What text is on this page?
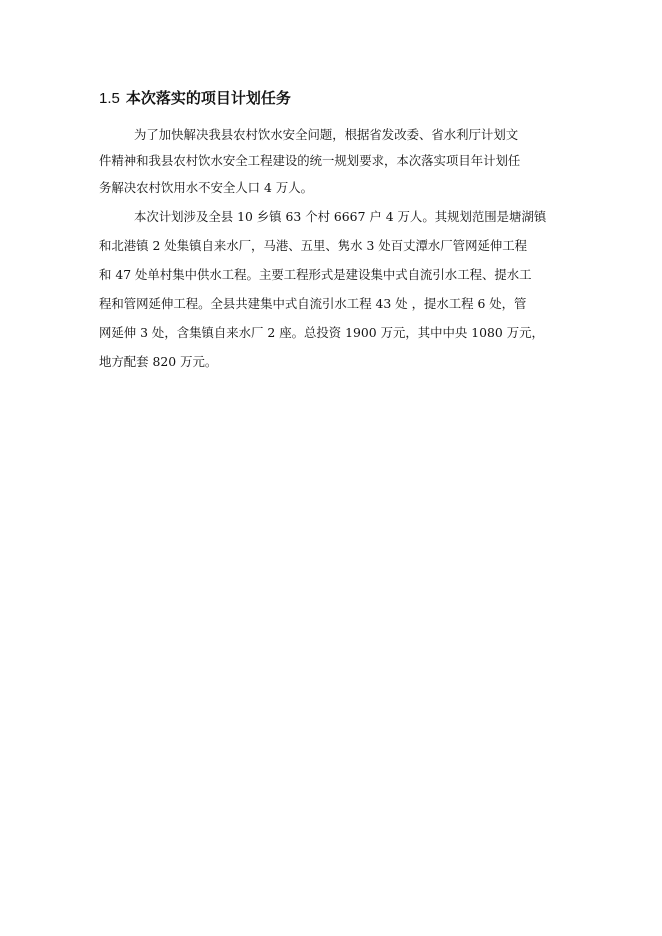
1.5 本次落实的项目计划任务
为了加快解决我县农村饮水安全问题，根据省发改委、省水利厅计划文
件精神和我县农村饮水安全工程建设的统一规划要求，本次落实项目年计划任
务解决农村饮用水不安全人口 4 万人。
本次计划涉及全县 10 乡镇 63 个村 6667 户 4 万人。其规划范围是塘湖镇
和北港镇 2 处集镇自来水厂，马港、五里、隽水 3 处百丈潭水厂管网延伸工程
和 47 处单村集中供水工程。主要工程形式是建设集中式自流引水工程、提水工
程和管网延伸工程。全县共建集中式自流引水工程 43 处 ，提水工程 6 处，管
网延伸 3 处，含集镇自来水厂 2 座。总投资 1900 万元，其中中央 1080 万元，
地方配套 820 万元。
